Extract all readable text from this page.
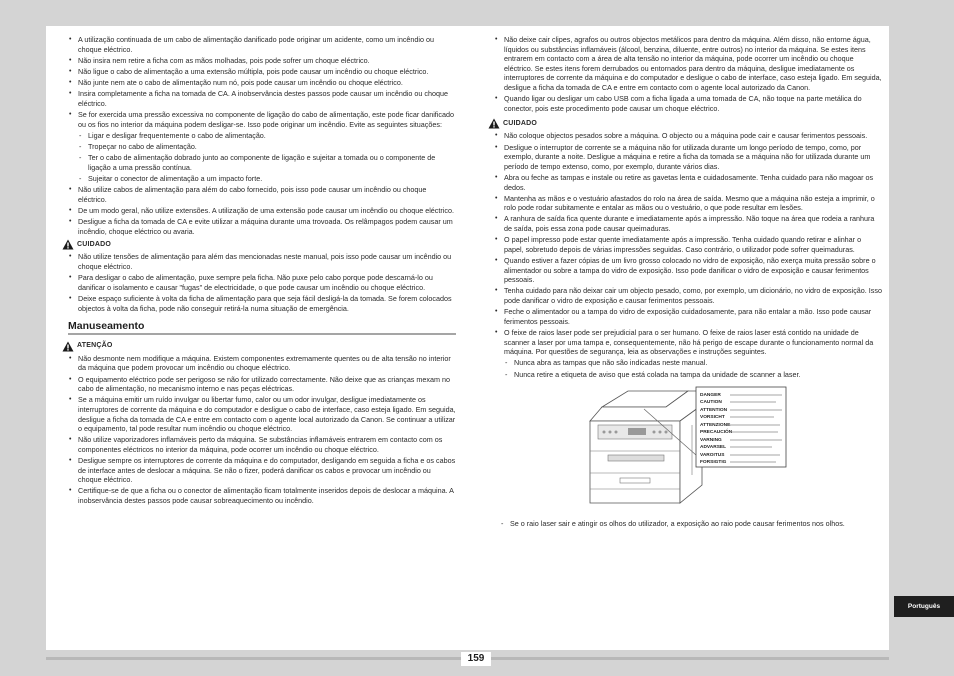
• A utilização continuada de um cabo de alimentação danificado pode originar um acidente, como um incêndio ou choque eléctrico.
• Não insira nem retire a ficha com as mãos molhadas, pois pode sofrer um choque eléctrico.
• Não ligue o cabo de alimentação a uma extensão múltipla, pois pode causar um incêndio ou choque eléctrico.
• Não junte nem ate o cabo de alimentação num nó, pois pode causar um incêndio ou choque eléctrico.
• Insira completamente a ficha na tomada de CA. A inobservância destes passos pode causar um incêndio ou choque eléctrico.
• Se for exercida uma pressão excessiva no componente de ligação do cabo de alimentação, este pode ficar danificado ou os fios no interior da máquina podem desligar-se. Isso pode originar um incêndio. Evite as seguintes situações:
- Ligar e desligar frequentemente o cabo de alimentação.
- Tropeçar no cabo de alimentação.
- Ter o cabo de alimentação dobrado junto ao componente de ligação e sujeitar a tomada ou o componente de ligação a uma pressão contínua.
- Sujeitar o conector de alimentação a um impacto forte.
• Não utilize cabos de alimentação para além do cabo fornecido, pois isso pode causar um incêndio ou choque eléctrico.
• De um modo geral, não utilize extensões. A utilização de uma extensão pode causar um incêndio ou choque eléctrico.
• Desligue a ficha da tomada de CA e evite utilizar a máquina durante uma trovoada. Os relâmpagos podem causar um incêndio, choque eléctrico ou avaria.
CUIDADO
• Não utilize tensões de alimentação para além das mencionadas neste manual, pois isso pode causar um incêndio ou choque eléctrico.
• Para desligar o cabo de alimentação, puxe sempre pela ficha. Não puxe pelo cabo porque pode descarná-lo ou danificar o isolamento e causar "fugas" de electricidade, o que pode causar um incêndio ou choque eléctrico.
• Deixe espaço suficiente à volta da ficha de alimentação para que seja fácil desligá-la da tomada. Se forem colocados objectos à volta da ficha, pode não conseguir retirá-la numa situação de emergência.
Manuseamento
ATENÇÃO
• Não desmonte nem modifique a máquina. Existem componentes extremamente quentes ou de alta tensão no interior da máquina que podem provocar um incêndio ou choque eléctrico.
• O equipamento eléctrico pode ser perigoso se não for utilizado correctamente. Não deixe que as crianças mexam no cabo de alimentação, no mecanismo interno e nas peças eléctricas.
• Se a máquina emitir um ruído invulgar ou libertar fumo, calor ou um odor invulgar, desligue imediatamente os interruptores de corrente da máquina e do computador e desligue o cabo de interface, caso esteja ligado. Em seguida, desligue a ficha da tomada de CA e entre em contacto com o agente local autorizado da Canon. Se continuar a utilizar o equipamento, tal pode resultar num incêndio ou choque eléctrico.
• Não utilize vaporizadores inflamáveis perto da máquina. Se substâncias inflamáveis entrarem em contacto com os componentes eléctricos no interior da máquina, pode ocorrer um incêndio ou choque eléctrico.
• Desligue sempre os interruptores de corrente da máquina e do computador, desligando em seguida a ficha e os cabos de interface antes de deslocar a máquina. Se não o fizer, poderá danificar os cabos e provocar um incêndio ou choque eléctrico.
• Certifique-se de que a ficha ou o conector de alimentação ficam totalmente inseridos depois de deslocar a máquina. A inobservância destes passos pode causar sobreaquecimento ou incêndio.
• Não deixe cair clipes, agrafos ou outros objectos metálicos para dentro da máquina. Além disso, não entorne água, líquidos ou substâncias inflamáveis (álcool, benzina, diluente, entre outros) no interior da máquina. Se estes itens entrarem em contacto com a área de alta tensão no interior da máquina, pode ocorrer um incêndio ou choque eléctrico. Se estes itens forem derrubados ou entornados para dentro da máquina, desligue imediatamente os interruptores de corrente da máquina e do computador e desligue o cabo de interface, caso esteja ligado. Em seguida, desligue a ficha da tomada de CA e entre em contacto com o agente local autorizado da Canon.
• Quando ligar ou desligar um cabo USB com a ficha ligada a uma tomada de CA, não toque na parte metálica do conector, pois este procedimento pode causar um choque eléctrico.
CUIDADO
• Não coloque objectos pesados sobre a máquina. O objecto ou a máquina pode cair e causar ferimentos pessoais.
• Desligue o interruptor de corrente se a máquina não for utilizada durante um longo período de tempo, como, por exemplo, durante a noite. Desligue a máquina e retire a ficha da tomada se a máquina não for utilizada durante um período de tempo extenso, como, por exemplo, durante vários dias.
• Abra ou feche as tampas e instale ou retire as gavetas lenta e cuidadosamente. Tenha cuidado para não magoar os dedos.
• Mantenha as mãos e o vestuário afastados do rolo na área de saída. Mesmo que a máquina não esteja a imprimir, o rolo pode rodar subitamente e entalar as mãos ou o vestuário, o que pode resultar em lesões.
• A ranhura de saída fica quente durante e imediatamente após a impressão. Não toque na área que rodeia a ranhura de saída, pois essa zona pode causar queimaduras.
• O papel impresso pode estar quente imediatamente após a impressão. Tenha cuidado quando retirar e alinhar o papel, sobretudo depois de várias impressões seguidas. Caso contrário, o utilizador pode sofrer queimaduras.
• Quando estiver a fazer cópias de um livro grosso colocado no vidro de exposição, não exerça muita pressão sobre o alimentador ou sobre a tampa do vidro de exposição. Isso pode danificar o vidro de exposição e causar ferimentos pessoais.
• Tenha cuidado para não deixar cair um objecto pesado, como, por exemplo, um dicionário, no vidro de exposição. Isso pode danificar o vidro de exposição e causar ferimentos pessoais.
• Feche o alimentador ou a tampa do vidro de exposição cuidadosamente, para não entalar a mão. Isso pode causar ferimentos pessoais.
• O feixe de raios laser pode ser prejudicial para o ser humano. O feixe de raios laser está contido na unidade de scanner a laser por uma tampa e, consequentemente, não há perigo de escape durante o funcionamento normal da máquina. Por questões de segurança, leia as observações e instruções seguintes.
- Nunca abra as tampas que não são indicadas neste manual.
- Nunca retire a etiqueta de aviso que está colada na tampa da unidade de scanner a laser.
DANGER
CAUTION
ATTENTION
VORSICHT
ATTENZIONE
PRECAUCIÓN
VARNING
ADVARSEL
VAROITUS
FORSIGTIG
- Se o raio laser sair e atingir os olhos do utilizador, a exposição ao raio pode causar ferimentos nos olhos.
159
Português
